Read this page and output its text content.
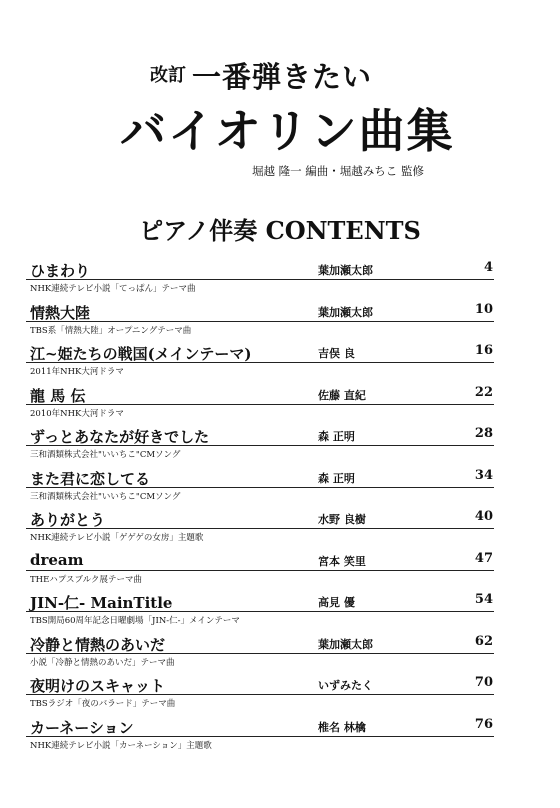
改訂 一番弾きたい
バイオリン曲集
堀越 隆一 編曲・堀越みちこ 監修
ピアノ伴奏 CONTENTS
ひまわり	葉加瀬太郎	4
NHK連続テレビ小説「てっぱん」テーマ曲
情熱大陸	葉加瀬太郎	10
TBS系「情熱大陸」オープニングテーマ曲
江~姫たちの戦国(メインテーマ)	吉俣 良	16
2011年NHK大河ドラマ
龍 馬 伝	佐藤 直紀	22
2010年NHK大河ドラマ
ずっとあなたが好きでした	森 正明	28
三和酒類株式会社"いいちこ"CMソング
また君に恋してる	森 正明	34
三和酒類株式会社"いいちこ"CMソング
ありがとう	水野 良樹	40
NHK連続テレビ小説「ゲゲゲの女房」主題歌
dream	宮本 笑里	47
THEハプスブルク展テーマ曲
JIN-仁- MainTitle	高見 優	54
TBS開局60周年記念日曜劇場「JIN-仁-」メインテーマ
冷静と情熱のあいだ	葉加瀬太郎	62
小説「冷静と情熱のあいだ」テーマ曲
夜明けのスキャット	いずみたく	70
TBSラジオ「夜のバラード」テーマ曲
カーネーション	椎名 林檎	76
NHK連続テレビ小説「カーネーション」主題歌
